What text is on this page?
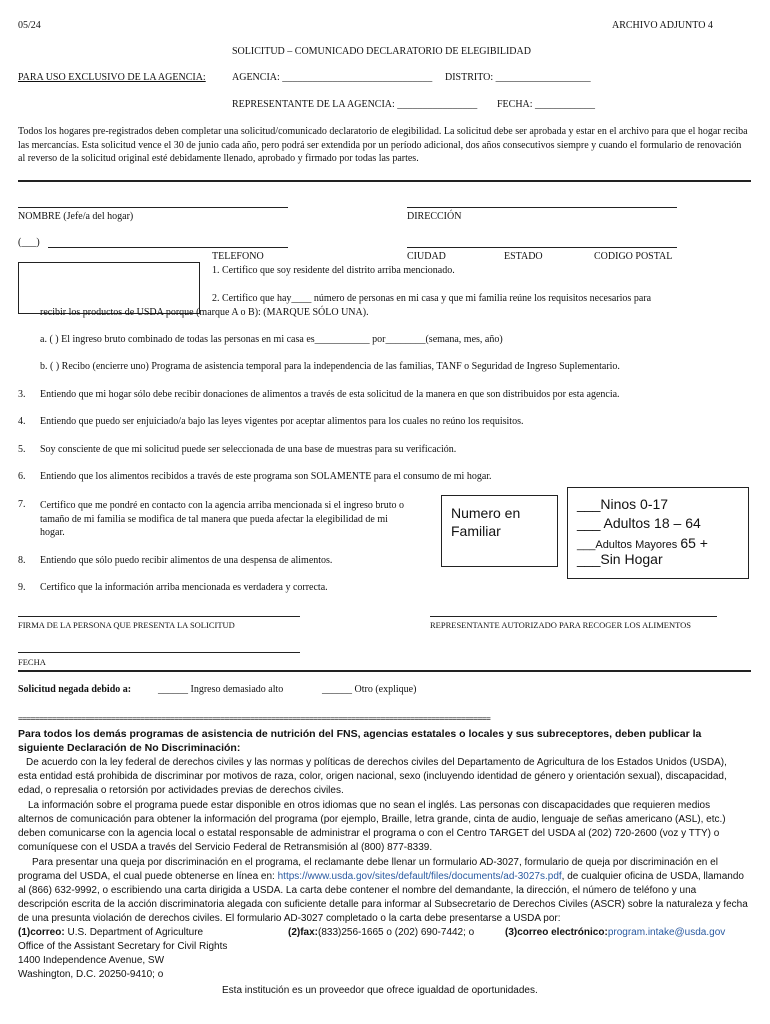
05/24	ARCHIVO ADJUNTO 4
SOLICITUD – COMUNICADO DECLARATORIO DE ELEGIBILIDAD
PARA USO EXCLUSIVO DE LA AGENCIA:	AGENCIA: ______________________________ DISTRITO: ___________________
REPRESENTANTE DE LA AGENCIA: ________________ FECHA: ____________
Todos los hogares pre-registrados deben completar una solicitud/comunicado declaratorio de elegibilidad. La solicitud debe ser aprobada y estar en el archivo para que el hogar reciba las mercancías. Esta solicitud vence el 30 de junio cada año, pero podrá ser extendida por un período adicional, dos años consecutivos siempre y cuando el formulario de renovación al reverso de la solicitud original esté debidamente llenado, aprobado y firmado por todas las partes.
NOMBRE (Jefe/a del hogar)	DIRECCIÓN
(___)
TELEFONO	CIUDAD	ESTADO	CODIGO POSTAL
1. Certifico que soy residente del distrito arriba mencionado.
2. Certifico que hay____ número de personas en mi casa y que mi familia reúne los requisitos necesarios para
recibir los productos de USDA porque (marque A o B): (MARQUE SÓLO UNA).
a. ( ) El ingreso bruto combinado de todas las personas en mi casa es___________ por________(semana, mes, año)
b. ( ) Recibo (encierre uno) Programa de asistencia temporal para la independencia de las familias, TANF o Seguridad de Ingreso Suplementario.
3. Entiendo que mi hogar sólo debe recibir donaciones de alimentos a través de esta solicitud de la manera en que son distribuidos por esta agencia.
4. Entiendo que puedo ser enjuiciado/a bajo las leyes vigentes por aceptar alimentos para los cuales no reúno los requisitos.
5. Soy consciente de que mi solicitud puede ser seleccionada de una base de muestras para su verificación.
6. Entiendo que los alimentos recibidos a través de este programa son SOLAMENTE para el consumo de mi hogar.
7. Certifico que me pondré en contacto con la agencia arriba mencionada si el ingreso bruto o tamaño de mi familia se modifica de tal manera que pueda afectar la elegibilidad de mi hogar.
Numero en
Familiar
___Ninos 0-17
___ Adultos 18 – 64
___Adultos Mayores 65 +
___Sin Hogar
8. Entiendo que sólo puedo recibir alimentos de una despensa de alimentos.
9. Certifico que la información arriba mencionada es verdadera y correcta.
FIRMA DE LA PERSONA QUE PRESENTA LA SOLICITUD	REPRESENTANTE AUTORIZADO PARA RECOGER LOS ALIMENTOS
FECHA
Solicitud negada debido a:	______ Ingreso demasiado alto	______ Otro (explique)
================================================================================================================
Para todos los demás programas de asistencia de nutrición del FNS, agencias estatales o locales y sus subreceptores, deben publicar la siguiente Declaración de No Discriminación:
De acuerdo con la ley federal de derechos civiles y las normas y políticas de derechos civiles del Departamento de Agricultura de los Estados Unidos (USDA), esta entidad está prohibida de discriminar por motivos de raza, color, origen nacional, sexo (incluyendo identidad de género y orientación sexual), discapacidad, edad, o represalia o retorsión por actividades previas de derechos civiles.
La información sobre el programa puede estar disponible en otros idiomas que no sean el inglés. Las personas con discapacidades que requieren medios alternos de comunicación para obtener la información del programa (por ejemplo, Braille, letra grande, cinta de audio, lenguaje de señas americano (ASL), etc.) deben comunicarse con la agencia local o estatal responsable de administrar el programa o con el Centro TARGET del USDA al (202) 720-2600 (voz y TTY) o comuníquese con el USDA a través del Servicio Federal de Retransmisión al (800) 877-8339.
Para presentar una queja por discriminación en el programa, el reclamante debe llenar un formulario AD-3027, formulario de queja por discriminación en el programa del USDA, el cual puede obtenerse en línea en: https://www.usda.gov/sites/default/files/documents/ad-3027s.pdf, de cualquier oficina de USDA, llamando al (866) 632-9992, o escribiendo una carta dirigida a USDA. La carta debe contener el nombre del demandante, la dirección, el número de teléfono y una descripción escrita de la acción discriminatoria alegada con suficiente detalle para informar al Subsecretario de Derechos Civiles (ASCR) sobre la naturaleza y fecha de una presunta violación de derechos civiles. El formulario AD-3027 completado o la carta debe presentarse a USDA por:
(1)correo: U.S. Department of Agriculture
Office of the Assistant Secretary for Civil Rights
1400 Independence Avenue, SW
Washington, D.C. 20250-9410; o
(2)fax:(833)256-1665 o (202) 690-7442; o	(3)correo electrónico:program.intake@usda.gov
Esta institución es un proveedor que ofrece igualdad de oportunidades.
